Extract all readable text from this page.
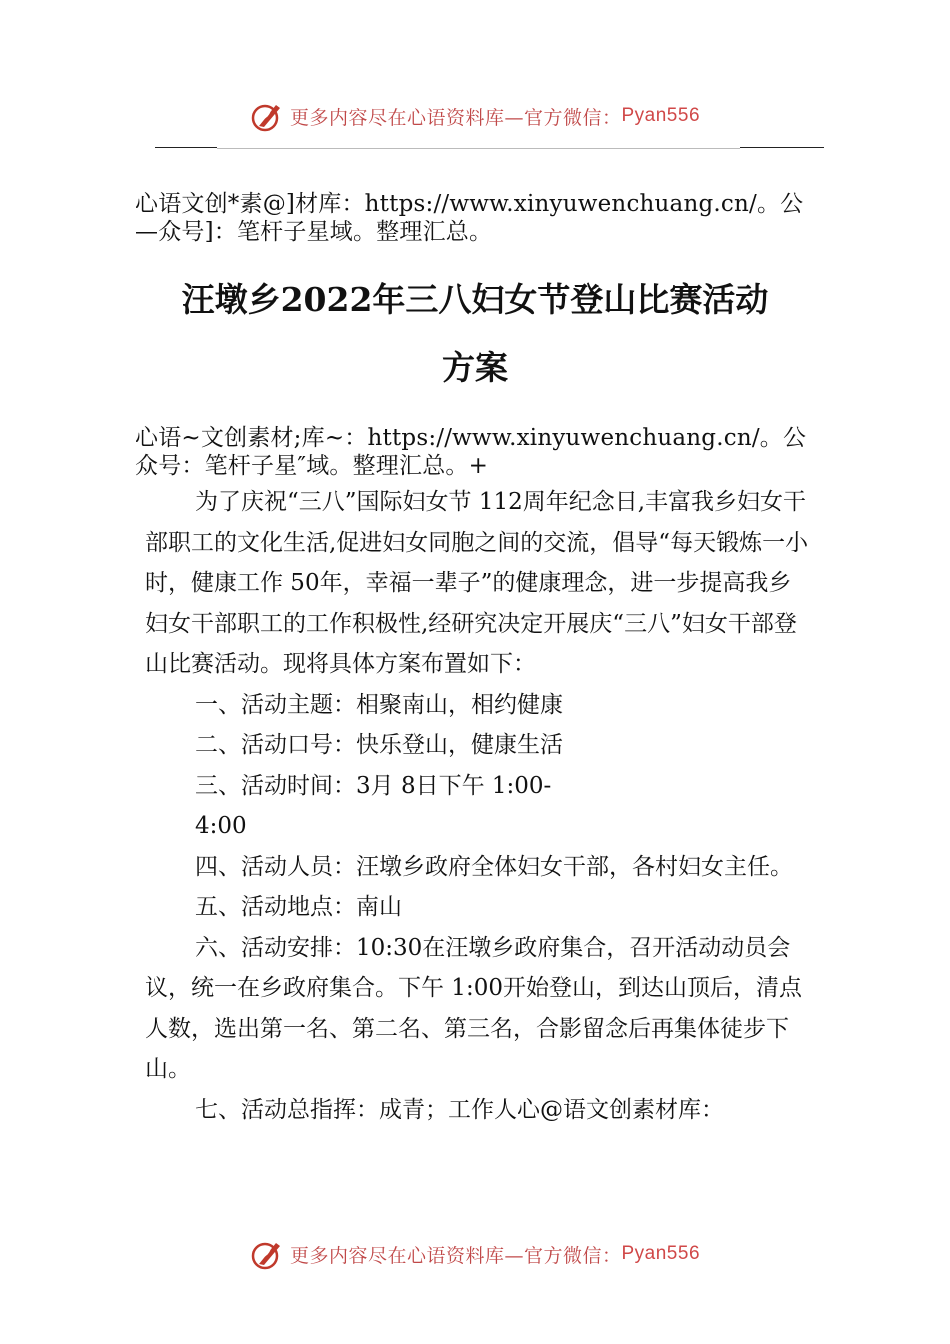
更多内容尽在心语资料库—官方微信： Pyan556
心语文创*素@]材库：https://www.xinyuwenchuang.cn/。公
—众号]：笔杆子星域。整理汇总。
汪墩乡2022年三八妇女节登山比赛活动
方案
心语~文创素材;库~：https://www.xinyuwenchuang.cn/。公
众号：笔杆子星″域。整理汇总。+

为了庆祝“三八”国际妇女节 112周年纪念日,丰富我乡妇女干部职工的文化生活,促进妇女同胞之间的交流，倡导“每天锻炼一小时，健康工作 50年，幸福一辈子”的健康理念，进一步提高我乡妇女干部职工的工作积极性,经研究决定开展庆“三八”妇女干部登山比赛活动。现将具体方案布置如下：

一、活动主题：相聚南山，相约健康

二、活动口号：快乐登山，健康生活

三、活动时间：3月 8日下午 1:00-

4:00

四、活动人员：汪墩乡政府全体妇女干部，各村妇女主任。

五、活动地点：南山

六、活动安排：10:30在汪墩乡政府集合，召开活动动员会议，统一在乡政府集合。下午 1:00开始登山，到达山顶后，清点人数，选出第一名、第二名、第三名，合影留念后再集体徒步下山。

七、活动总指挥：成青；工作人心@语文创素材库：

更多内容尽在心语资料库—官方微信： Pyan556
